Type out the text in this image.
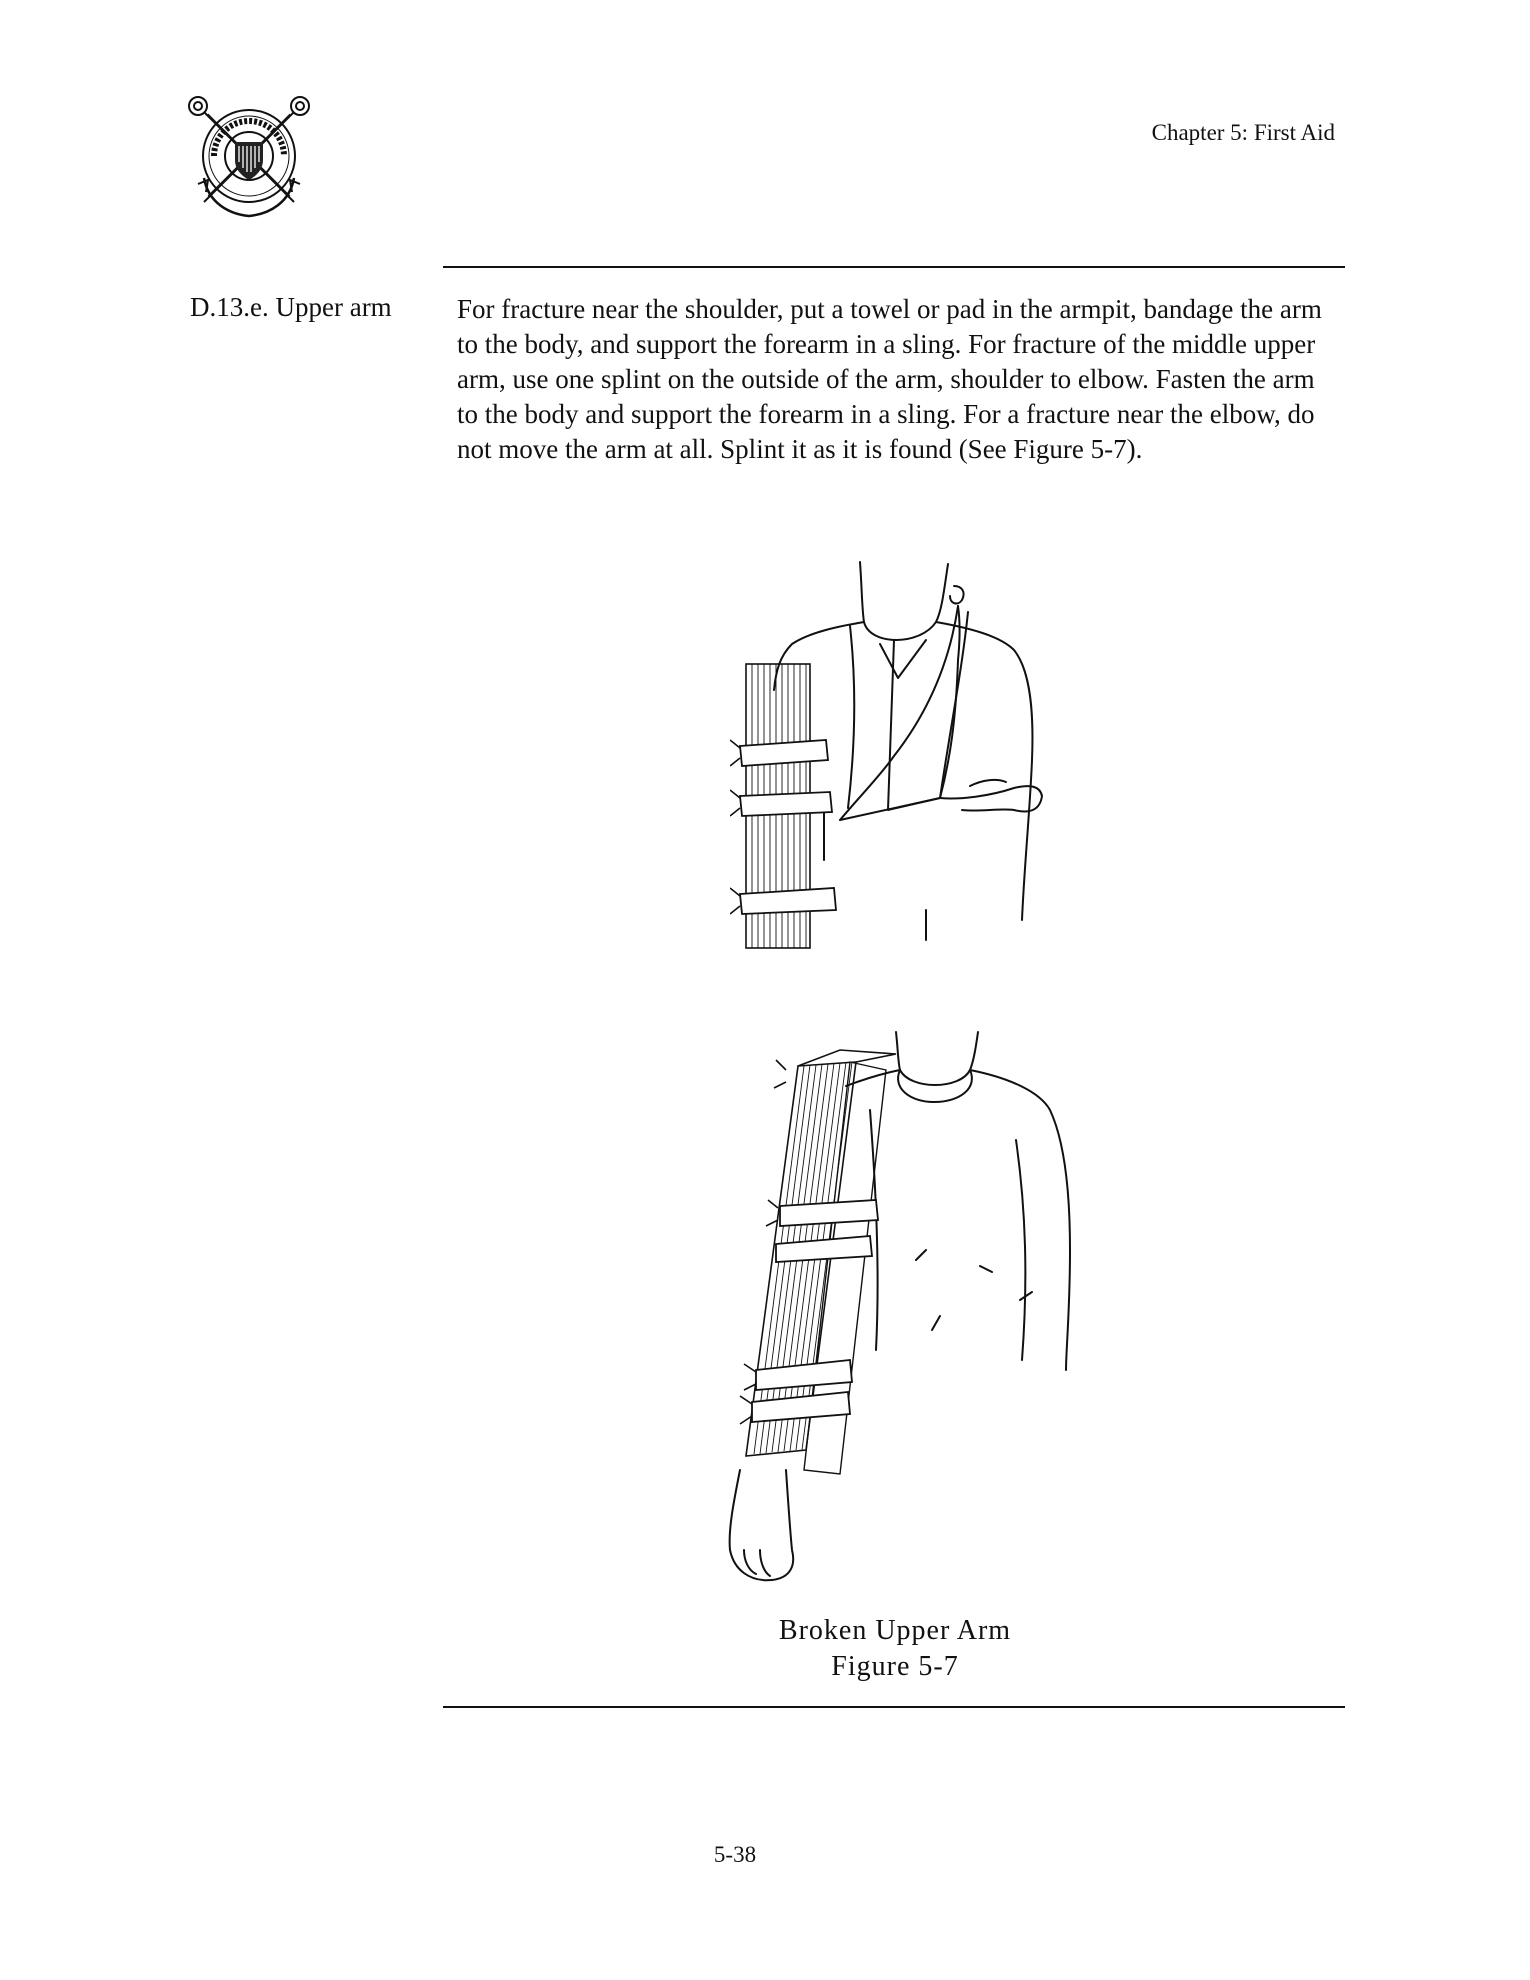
Chapter 5: First Aid
D.13.e. Upper arm For fracture near the shoulder, put a towel or pad in the armpit, bandage the arm to the body, and support the forearm in a sling. For fracture of the middle upper arm, use one splint on the outside of the arm, shoulder to elbow. Fasten the arm to the body and support the forearm in a sling. For a fracture near the elbow, do not move the arm at all. Splint it as it is found (See Figure 5-7).

Broken Upper Arm
Figure 5-7
5-38
